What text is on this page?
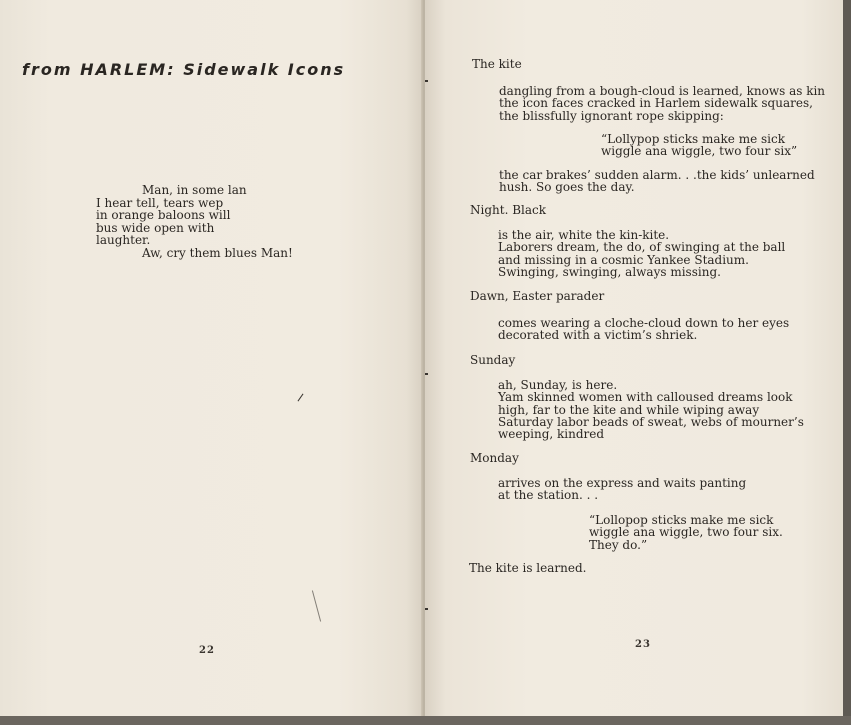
from HARLEM: Sidewalk Icons
Man, in some lan
I hear tell, tears wep
in orange baloons will
bus wide open with
laughter.
Aw, cry them blues Man!
22
The kite
dangling from a bough-cloud is learned, knows as kin
the icon faces cracked in Harlem sidewalk squares,
the blissfully ignorant rope skipping:
“Lollypop sticks make me sick
wiggle ana wiggle, two four six”
the car brakes’ sudden alarm. . .the kids’ unlearned
hush. So goes the day.
Night. Black
is the air, white the kin-kite.
Laborers dream, the do, of swinging at the ball
and missing in a cosmic Yankee Stadium.
Swinging, swinging, always missing.
Dawn, Easter parader
comes wearing a cloche-cloud down to her eyes
decorated with a victim’s shriek.
Sunday
ah, Sunday, is here.
Yam skinned women with calloused dreams look
high, far to the kite and while wiping away
Saturday labor beads of sweat, webs of mourner’s
weeping, kindred
Monday
arrives on the express and waits panting
at the station. . .
“Lollopop sticks make me sick
wiggle ana wiggle, two four six.
They do.”
The kite is learned.
23
